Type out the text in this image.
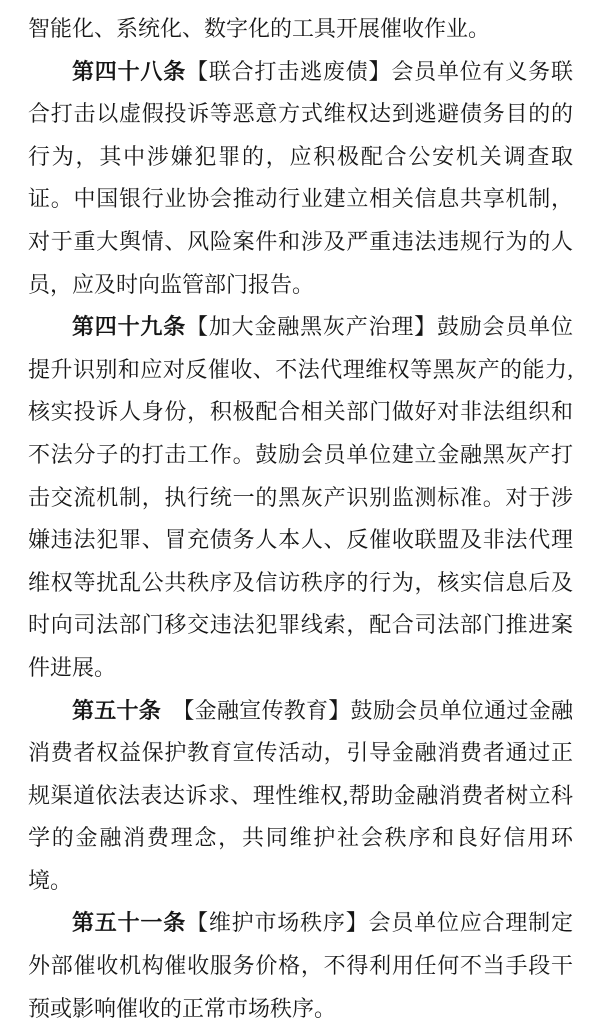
智能化、系统化、数字化的工具开展催收作业。

第四十八条【联合打击逃废债】会员单位有义务联合打击以虚假投诉等恶意方式维权达到逃避债务目的的行为，其中涉嫌犯罪的，应积极配合公安机关调查取证。中国银行业协会推动行业建立相关信息共享机制，对于重大舆情、风险案件和涉及严重违法违规行为的人员，应及时向监管部门报告。

第四十九条【加大金融黑灰产治理】鼓励会员单位提升识别和应对反催收、不法代理维权等黑灰产的能力,核实投诉人身份，积极配合相关部门做好对非法组织和不法分子的打击工作。鼓励会员单位建立金融黑灰产打击交流机制，执行统一的黑灰产识别监测标准。对于涉嫌违法犯罪、冒充债务人本人、反催收联盟及非法代理维权等扰乱公共秩序及信访秩序的行为，核实信息后及时向司法部门移交违法犯罪线索，配合司法部门推进案件进展。

第五十条　 【金融宣传教育】鼓励会员单位通过金融消费者权益保护教育宣传活动，引导金融消费者通过正规渠道依法表达诉求、理性维权,帮助金融消费者树立科学的金融消费理念，共同维护社会秩序和良好信用环境。

第五十一条【维护市场秩序】会员单位应合理制定外部催收机构催收服务价格，不得利用任何不当手段干预或影响催收的正常市场秩序。
